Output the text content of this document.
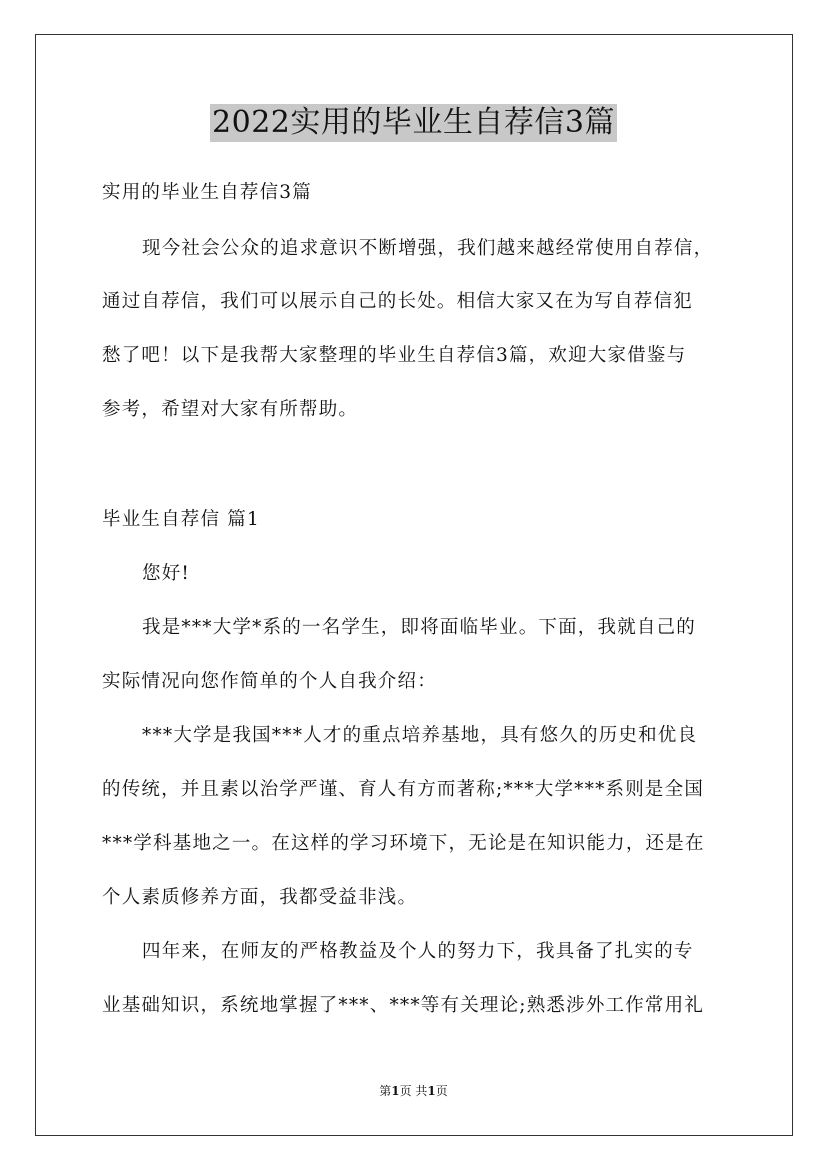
2022实用的毕业生自荐信3篇
实用的毕业生自荐信3篇
现今社会公众的追求意识不断增强，我们越来越经常使用自荐信，
通过自荐信，我们可以展示自己的长处。相信大家又在为写自荐信犯
愁了吧！以下是我帮大家整理的毕业生自荐信3篇，欢迎大家借鉴与
参考，希望对大家有所帮助。
毕业生自荐信 篇1
您好!
我是***大学*系的一名学生，即将面临毕业。下面，我就自己的
实际情况向您作简单的个人自我介绍：
***大学是我国***人才的重点培养基地，具有悠久的历史和优良
的传统，并且素以治学严谨、育人有方而著称;***大学***系则是全国
***学科基地之一。在这样的学习环境下，无论是在知识能力，还是在
个人素质修养方面，我都受益非浅。
四年来，在师友的严格教益及个人的努力下，我具备了扎实的专
业基础知识，系统地掌握了***、***等有关理论;熟悉涉外工作常用礼
第1页 共1页
